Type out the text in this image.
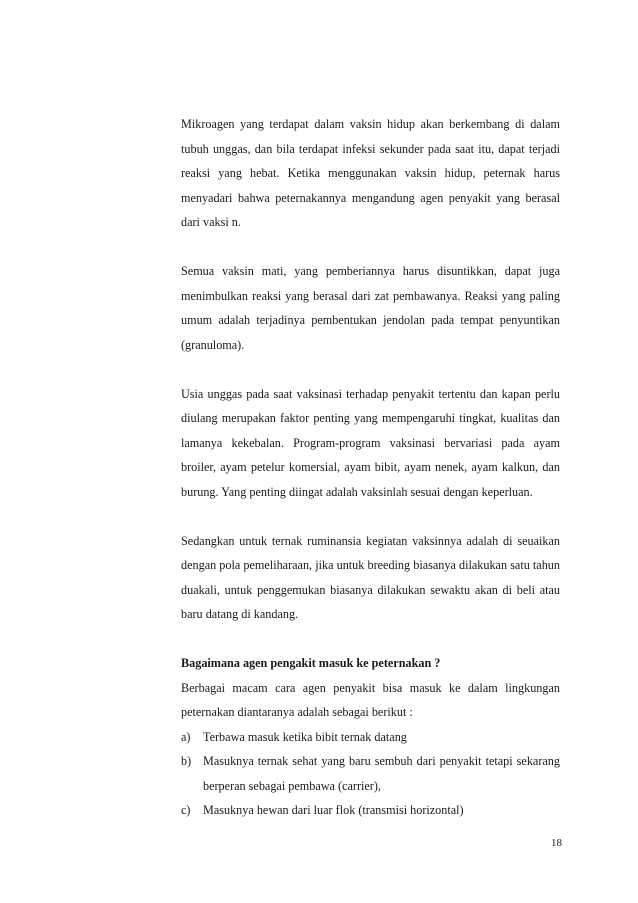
Mikroagen yang terdapat dalam vaksin hidup akan berkembang di dalam tubuh unggas, dan bila terdapat infeksi sekunder pada saat itu, dapat terjadi reaksi yang hebat. Ketika menggunakan vaksin hidup, peternak harus menyadari bahwa peternakannya mengandung agen penyakit yang berasal dari vaksi n.

Semua vaksin mati, yang pemberiannya harus disuntikkan, dapat juga menimbulkan reaksi yang berasal dari zat pembawanya. Reaksi yang paling umum adalah terjadinya pembentukan jendolan pada tempat penyuntikan (granuloma).

Usia unggas pada saat vaksinasi terhadap penyakit tertentu dan kapan perlu diulang merupakan faktor penting yang mempengaruhi tingkat, kualitas dan lamanya kekebalan. Program-program vaksinasi bervariasi pada ayam broiler, ayam petelur komersial, ayam bibit, ayam nenek, ayam kalkun, dan burung. Yang penting diingat adalah vaksinlah sesuai dengan keperluan.

Sedangkan untuk ternak ruminansia kegiatan vaksinnya adalah di seuaikan dengan pola pemeliharaan, jika untuk breeding biasanya dilakukan satu tahun duakali, untuk penggemukan biasanya dilakukan sewaktu akan di beli atau baru datang di kandang.

Bagaimana agen pengakit masuk ke peternakan ?

Berbagai macam cara agen penyakit bisa masuk ke dalam lingkungan peternakan diantaranya adalah sebagai berikut :

a) Terbawa masuk ketika bibit ternak datang
b) Masuknya ternak sehat yang baru sembuh dari penyakit tetapi sekarang berperan sebagai pembawa (carrier),
c) Masuknya hewan dari luar flok (transmisi horizontal)
18
